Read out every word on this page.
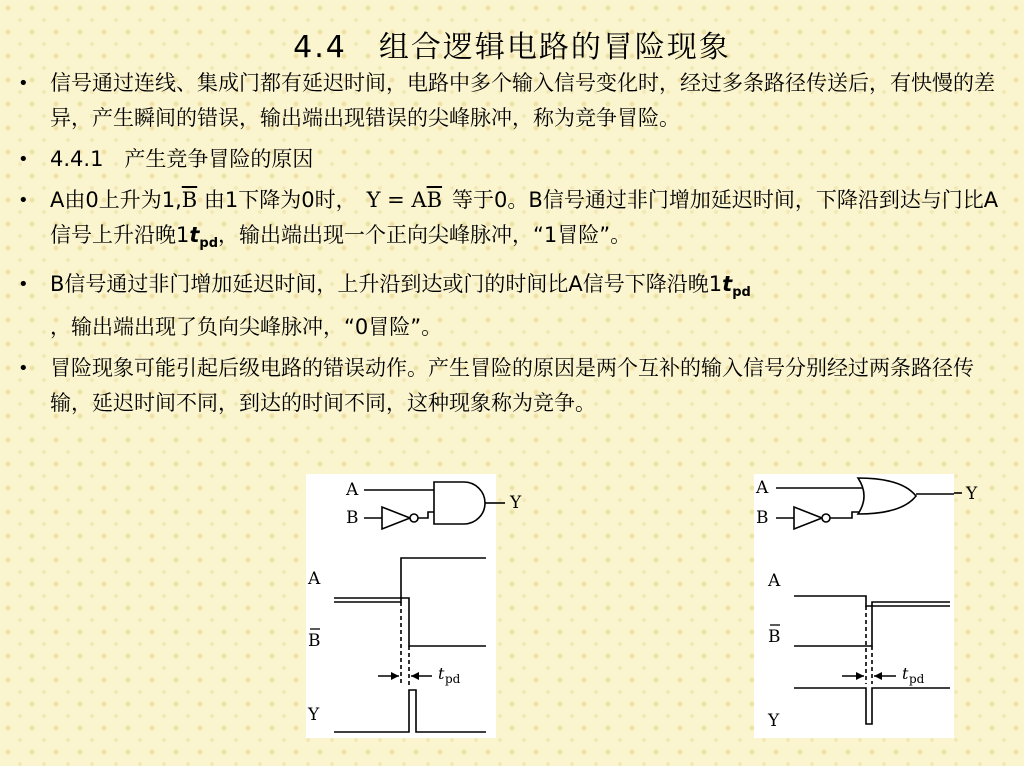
4.4　组合逻辑电路的冒险现象
• 信号通过连线、集成门都有延迟时间，电路中多个输入信号变化时，经过多条路径传送后，有快慢的差异，产生瞬间的错误，输出端出现错误的尖峰脉冲，称为竞争冒险。
• 4.4.1　产生竞争冒险的原因
• A由0上升为$1,\overline{B}$ 由1下降为0时， $Y = A\overline{B}$ 等于0。B信号通过非门增加延迟时间，下降沿到达与门比A信号上升沿晚$1t_{pd}$，输出端出现一个正向尖峰脉冲，“1冒险”。
• B信号通过非门增加延迟时间，上升沿到达或门的时间比A信号下降沿晚$1t_{pd}$
，输出端出现了负向尖峰脉冲，“0冒险”。
• 冒险现象可能引起后级电路的错误动作。产生冒险的原因是两个互补的输入信号分别经过两条路径传输，延迟时间不同，到达的时间不同，这种现象称为竞争。
A
B
A
B
Y
t pd
Y	Y
A
B
A
B
Y
t pd
